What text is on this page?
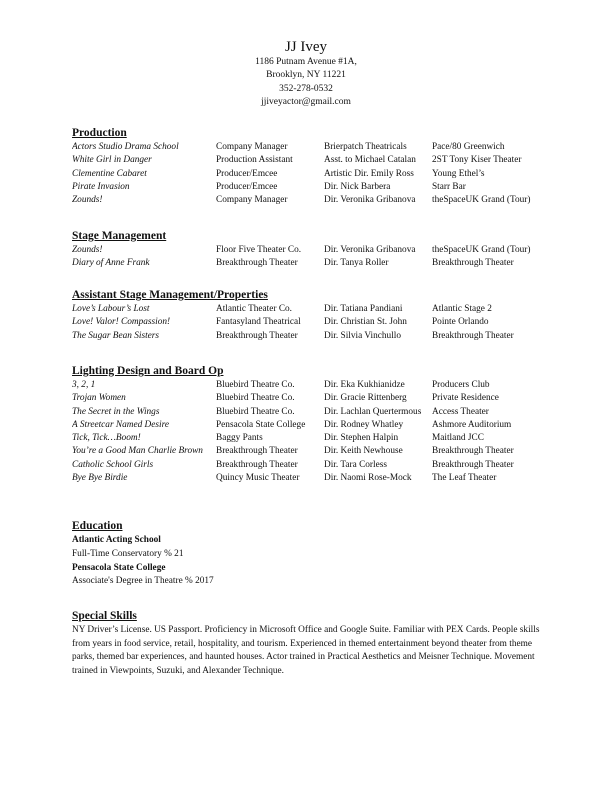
JJ Ivey
1186 Putnam Avenue #1A,
Brooklyn, NY 11221
352-278-0532
jjiveyactor@gmail.com
Production
Actors Studio Drama School	Company Manager	Brierpatch Theatricals	Pace/80 Greenwich
White Girl in Danger	Production Assistant	Asst. to Michael Catalan	2ST Tony Kiser Theater
Clementine Cabaret	Producer/Emcee	Artistic Dir. Emily Ross	Young Ethel’s
Pirate Invasion	Producer/Emcee	Dir. Nick Barbera	Starr Bar
Zounds!	Company Manager	Dir. Veronika Gribanova	theSpaceUK Grand (Tour)
Stage Management
Zounds!	Floor Five Theater Co.	Dir. Veronika Gribanova	theSpaceUK Grand (Tour)
Diary of Anne Frank	Breakthrough Theater	Dir. Tanya Roller	Breakthrough Theater
Assistant Stage Management/Properties
Love’s Labour’s Lost	Atlantic Theater Co.	Dir. Tatiana Pandiani	Atlantic Stage 2
Love! Valor! Compassion!	Fantasyland Theatrical	Dir. Christian St. John	Pointe Orlando
The Sugar Bean Sisters	Breakthrough Theater	Dir. Silvia Vinchullo	Breakthrough Theater
Lighting Design and Board Op
3, 2, 1	Bluebird Theatre Co.	Dir. Eka Kukhianidze	Producers Club
Trojan Women	Bluebird Theatre Co.	Dir. Gracie Rittenberg	Private Residence
The Secret in the Wings	Bluebird Theatre Co.	Dir. Lachlan Quertermous	Access Theater
A Streetcar Named Desire	Pensacola State College	Dir. Rodney Whatley	Ashmore Auditorium
Tick, Tick…Boom!	Baggy Pants	Dir. Stephen Halpin	Maitland JCC
You’re a Good Man Charlie Brown	Breakthrough Theater	Dir. Keith Newhouse	Breakthrough Theater
Catholic School Girls	Breakthrough Theater	Dir. Tara Corless	Breakthrough Theater
Bye Bye Birdie	Quincy Music Theater	Dir. Naomi Rose-Mock	The Leaf Theater
Education
Atlantic Acting School
Full-Time Conservatory % 21
Pensacola State College
Associate's Degree in Theatre % 2017
Special Skills
NY Driver’s License. US Passport. Proficiency in Microsoft Office and Google Suite. Familiar with PEX Cards. People skills from years in food service, retail, hospitality, and tourism. Experienced in themed entertainment beyond theater from theme parks, themed bar experiences, and haunted houses. Actor trained in Practical Aesthetics and Meisner Technique. Movement trained in Viewpoints, Suzuki, and Alexander Technique.
